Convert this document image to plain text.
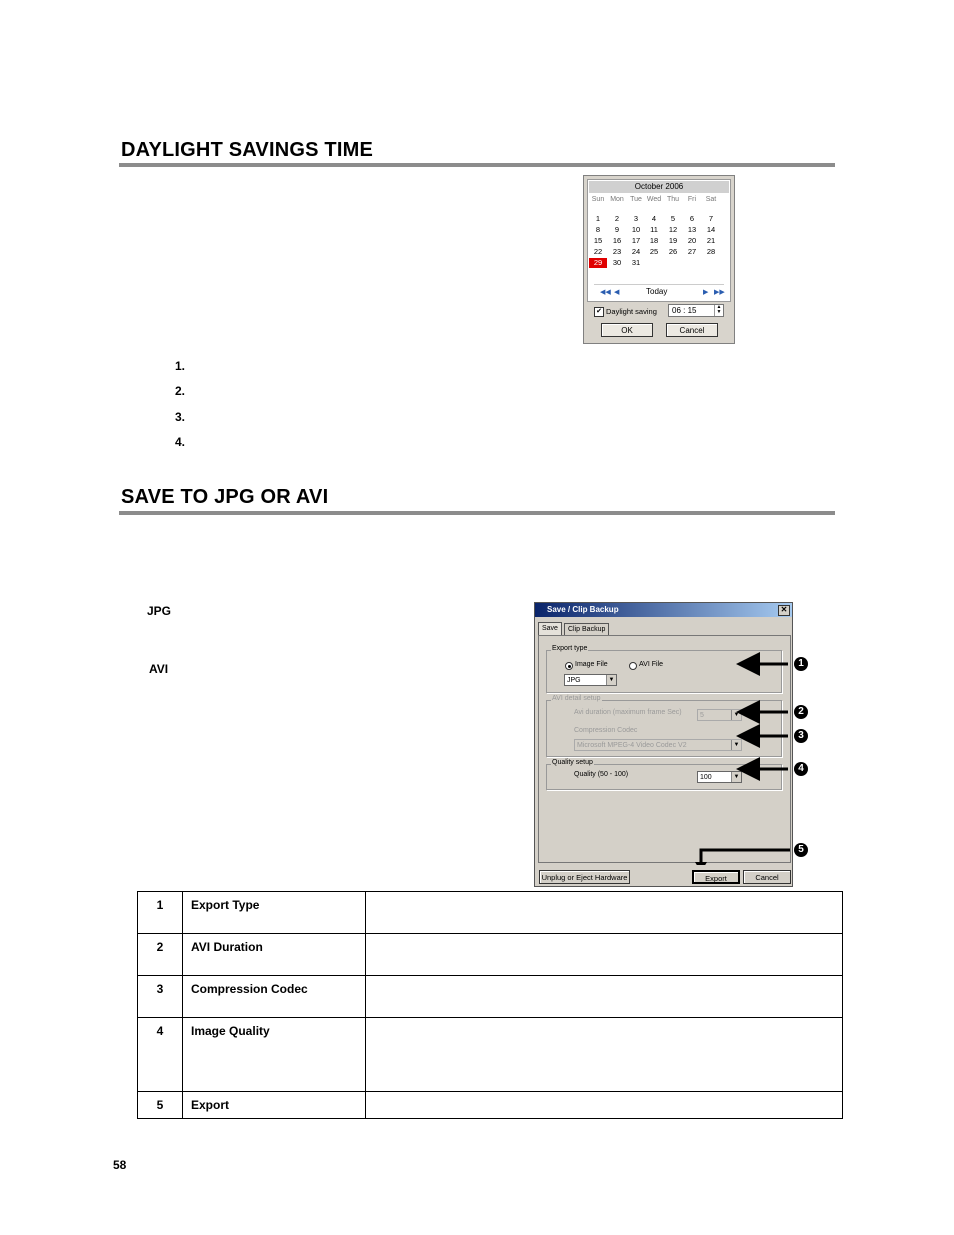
DAYLIGHT SAVINGS TIME
October 2006
Sun Mon Tue Wed Thu	Fri	Sat
1	2	3	4	5	6	7
8	9	10	11	12	13	14
15	16	17	18	19	20	21
22	23	24	25	26	27	28
29	30	31
◀◀ ◀	Today	▶ ▶▶
✔ Daylight saving	06 : 15	▲
▼
OK	Cancel
1.
2.
3.
4.
SAVE TO JPG OR AVI
JPG
AVI
Save / Clip Backup	✕
Save	Clip Backup
Export type
Image File	AVI File
JPG	▼
AVI detail setup
Avi duration (maximum frame Sec)	5	▼
Compression Codec
Microsoft MPEG-4 Video Codec V2	▼
Quality setup
Quality (50 - 100)	100	▼
Unplug or Eject Hardware	Export	Cancel
1
2
3
4
5
1	Export Type	
2	AVI Duration	
3	Compression Codec	
4	Image Quality	
5	Export	
58
